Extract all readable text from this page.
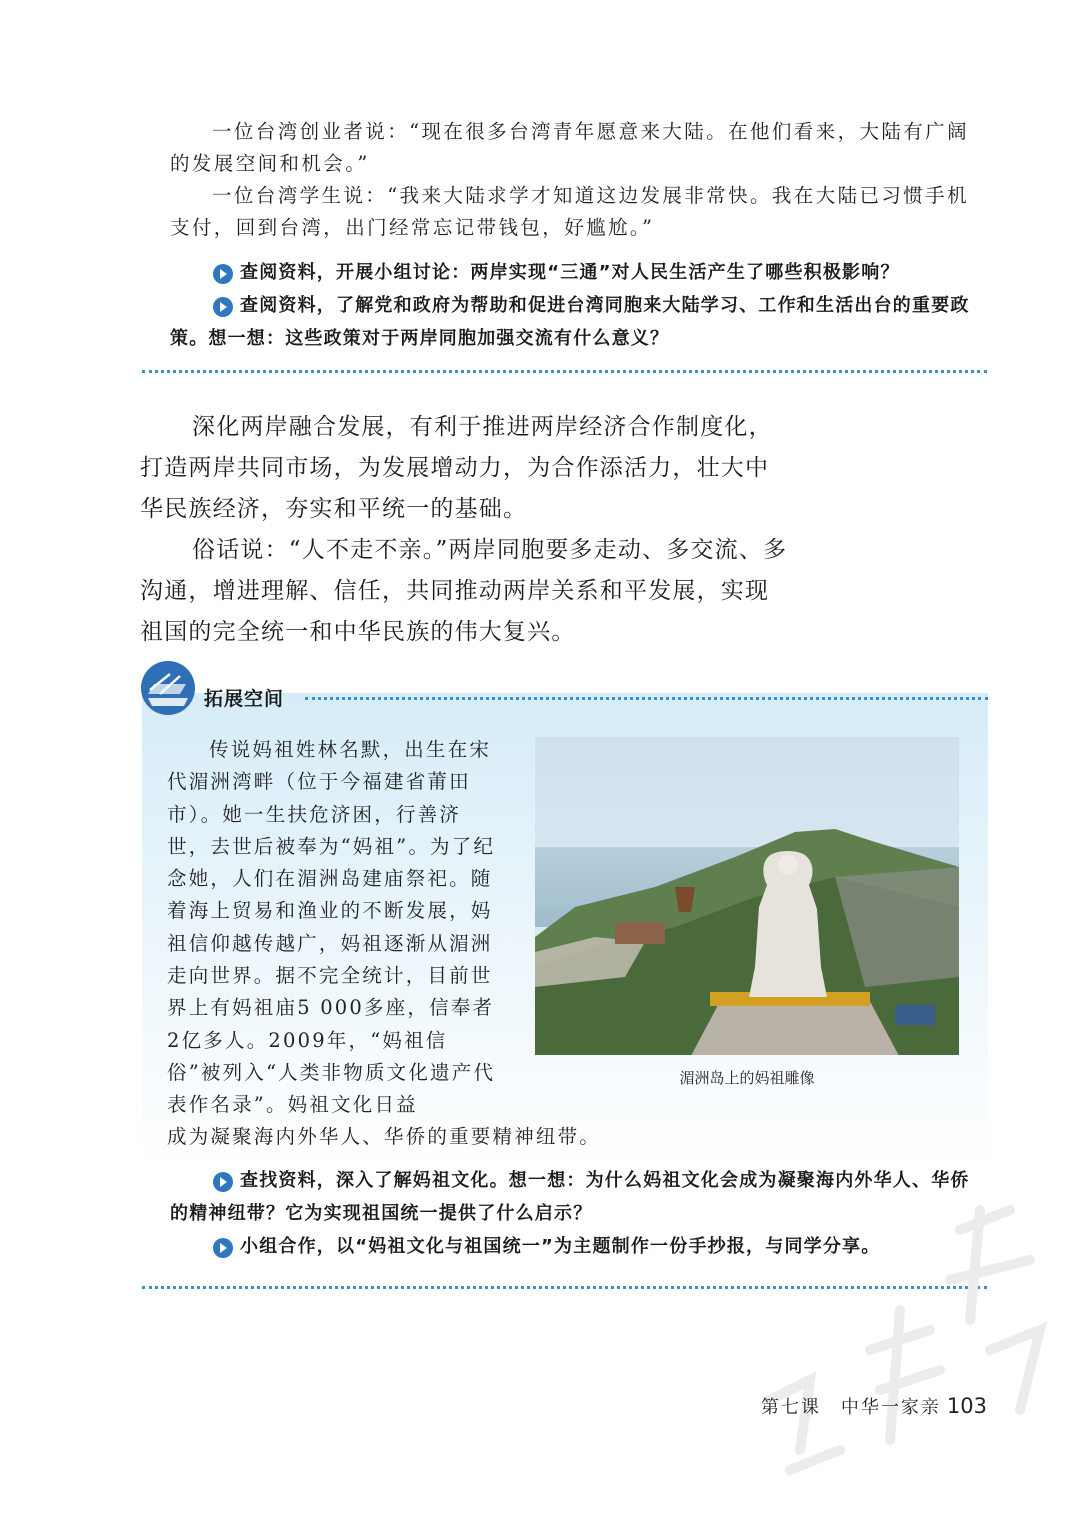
一位台湾创业者说：“现在很多台湾青年愿意来大陆。在他们看来，大陆有广阔的发展空间和机会。”
一位台湾学生说：“我来大陆求学才知道这边发展非常快。我在大陆已习惯手机支付，回到台湾，出门经常忘记带钱包，好尴尬。”
查阅资料，开展小组讨论：两岸实现“三通”对人民生活产生了哪些积极影响？
查阅资料，了解党和政府为帮助和促进台湾同胞来大陆学习、工作和生活出台的重要政策。想一想：这些政策对于两岸同胞加强交流有什么意义？

深化两岸融合发展，有利于推进两岸经济合作制度化，打造两岸共同市场，为发展增动力，为合作添活力，壮大中华民族经济，夯实和平统一的基础。

俗话说：“人不走不亲。”两岸同胞要多走动、多交流、多沟通，增进理解、信任，共同推动两岸关系和平发展，实现祖国的完全统一和中华民族的伟大复兴。

拓展空间
传说妈祖姓林名默，出生在宋代湄洲湾畔（位于今福建省莆田市）。她一生扶危济困，行善济世，去世后被奉为“妈祖”。为了纪念她，人们在湄洲岛建庙祭祀。随着海上贸易和渔业的不断发展，妈祖信仰越传越广，妈祖逐渐从湄洲走向世界。据不完全统计，目前世界上有妈祖庙5 000多座，信奉者2亿多人。2009年，“妈祖信俗”被列入“人类非物质文化遗产代表作名录”。妈祖文化日益
成为凝聚海内外华人、华侨的重要精神纽带。
湄洲岛上的妈祖雕像
查找资料，深入了解妈祖文化。想一想：为什么妈祖文化会成为凝聚海内外华人、华侨的精神纽带？它为实现祖国统一提供了什么启示？
小组合作，以“妈祖文化与祖国统一”为主题制作一份手抄报，与同学分享。
第七课　中华一家亲 103
